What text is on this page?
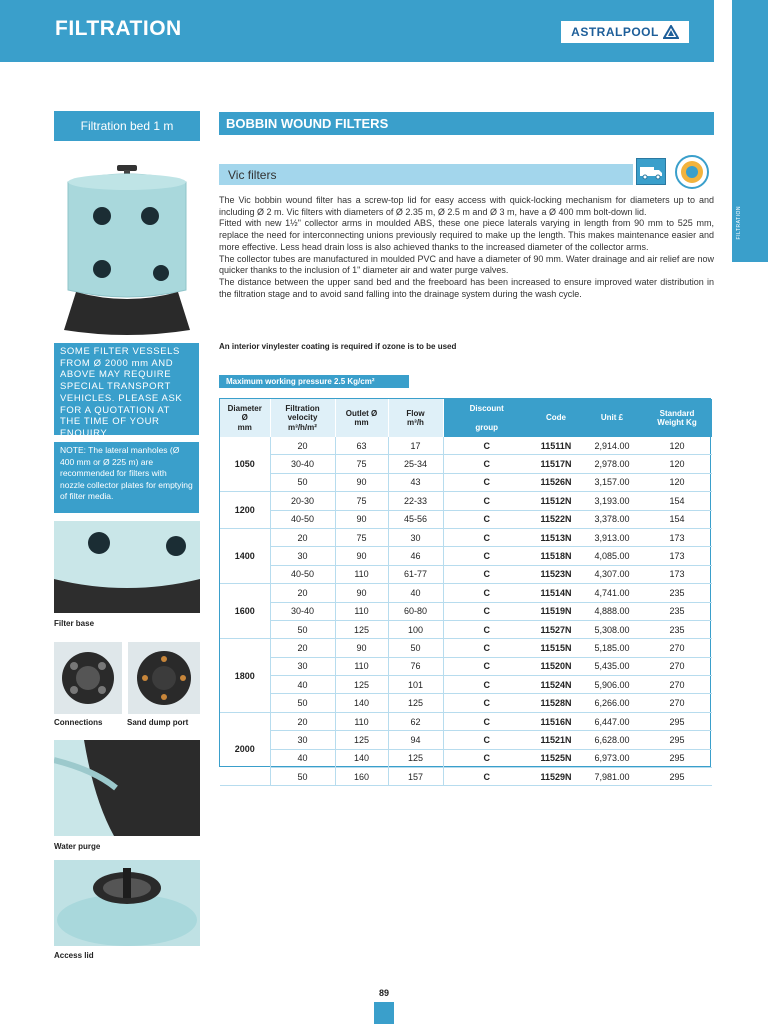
FILTRATION	ASTRALPOOL
FILTRATION
Filtration bed 1 m
SOME FILTER VESSELS FROM Ø 2000 mm AND ABOVE MAY REQUIRE SPECIAL TRANSPORT VEHICLES. PLEASE ASK FOR A QUOTATION AT THE TIME OF YOUR ENQUIRY.
NOTE: The lateral manholes (Ø 400 mm or Ø 225 m) are recommended for filters with nozzle collector plates for emptying of filter media.
Filter base
Connections	Sand dump port
Water purge
Access lid
BOBBIN WOUND FILTERS
Vic filters

The Vic bobbin wound filter has a screw-top lid for easy access with quick-locking mechanism for diameters up to and including Ø 2 m. Vic filters with diameters of Ø 2.35 m, Ø 2.5 m and Ø 3 m, have a Ø 400 mm bolt-down lid.

Fitted with new 1½" collector arms in moulded ABS, these one piece laterals varying in length from 90 mm to 525 mm, replace the need for interconnecting unions previously required to make up the length. This makes maintenance easier and more effective. Less head drain loss is also achieved thanks to the increased diameter of the collector arms.

The collector tubes are manufactured in moulded PVC and have a diameter of 90 mm. Water drainage and air relief are now quicker thanks to the inclusion of 1" diameter air and water purge valves.

The distance between the upper sand bed and the freeboard has been increased to ensure improved water distribution in the filtration stage and to avoid sand falling into the drainage system during the wash cycle.

An interior vinylester coating is required if ozone is to be used
Maximum working pressure 2.5 Kg/cm²
Diameter
Ø
mm	Filtration
velocity
m³/h/m²	Outlet Ø
mm	Flow
m³/h	Discount

group	Code	Unit £	Standard
Weight Kg
1050	20	63	17	C	11511N	2,914.00	120
	30-40	75	25-34	C	11517N	2,978.00	120
	50	90	43	C	11526N	3,157.00	120
1200	20-30	75	22-33	C	11512N	3,193.00	154
	40-50	90	45-56	C	11522N	3,378.00	154
1400	20	75	30	C	11513N	3,913.00	173
	30	90	46	C	11518N	4,085.00	173
	40-50	110	61-77	C	11523N	4,307.00	173
1600	20	90	40	C	11514N	4,741.00	235
	30-40	110	60-80	C	11519N	4,888.00	235
	50	125	100	C	11527N	5,308.00	235
1800	20	90	50	C	11515N	5,185.00	270
	30	110	76	C	11520N	5,435.00	270
	40	125	101	C	11524N	5,906.00	270
	50	140	125	C	11528N	6,266.00	270
2000	20	110	62	C	11516N	6,447.00	295
	30	125	94	C	11521N	6,628.00	295
	40	140	125	C	11525N	6,973.00	295
	50	160	157	C	11529N	7,981.00	295
89
